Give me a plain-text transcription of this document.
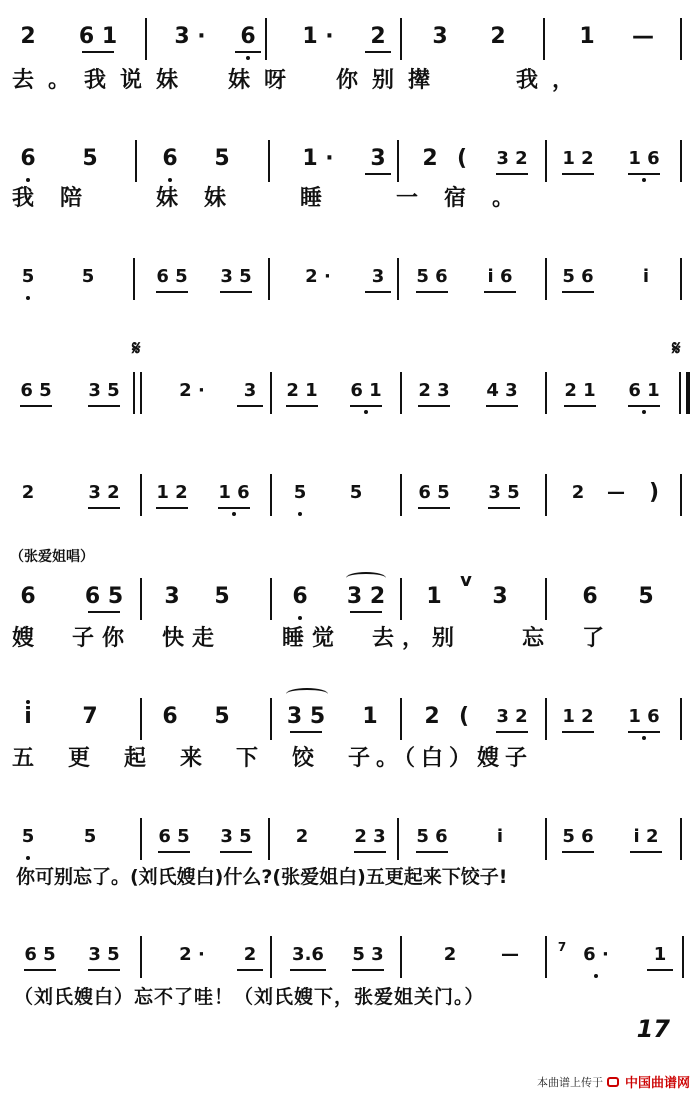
2	6 1	3 ·	6	1 ·	2	3	2	1	—
去。我说妹　妹呀　你别撵　　我，
6	5	6	5	1 ·	3	2 (	3 2 1 2 1 6
我陪　妹妹　睡　一宿。
5	5	6 5 3 5	2 ·	3	5 6	i 6	5 6	i
𝄋	𝄋
6 5 3 5	2 ·	3	2 1 6 1 2 3 4 3	2 1 6 1
2	3 2 1 2 1 6	5	5	6 5 3 5	2	—	)
（张爱姐唱）
6	6 5	3	5	6	3 2	1
v
3	6	5
嫂　子你　快走　　睡觉　去，别　　忘　了
i	7	6	5	3 5	1	2 (	3 2 1 2 1 6
五　更　起　来　下　饺　子。（白）嫂子
5	5	6 5 3 5	2	2 3 5 6	i	5 6	i 2
你可别忘了。(刘氏嫂白)什么?(张爱姐白)五更起来下饺子!
6 5 3 5	2 ·	2	3.6	5 3	2	—	7 6 ·	1
（刘氏嫂白）忘不了哇！（刘氏嫂下，张爱姐关门。）
17
本曲谱上传于 中国曲谱网
